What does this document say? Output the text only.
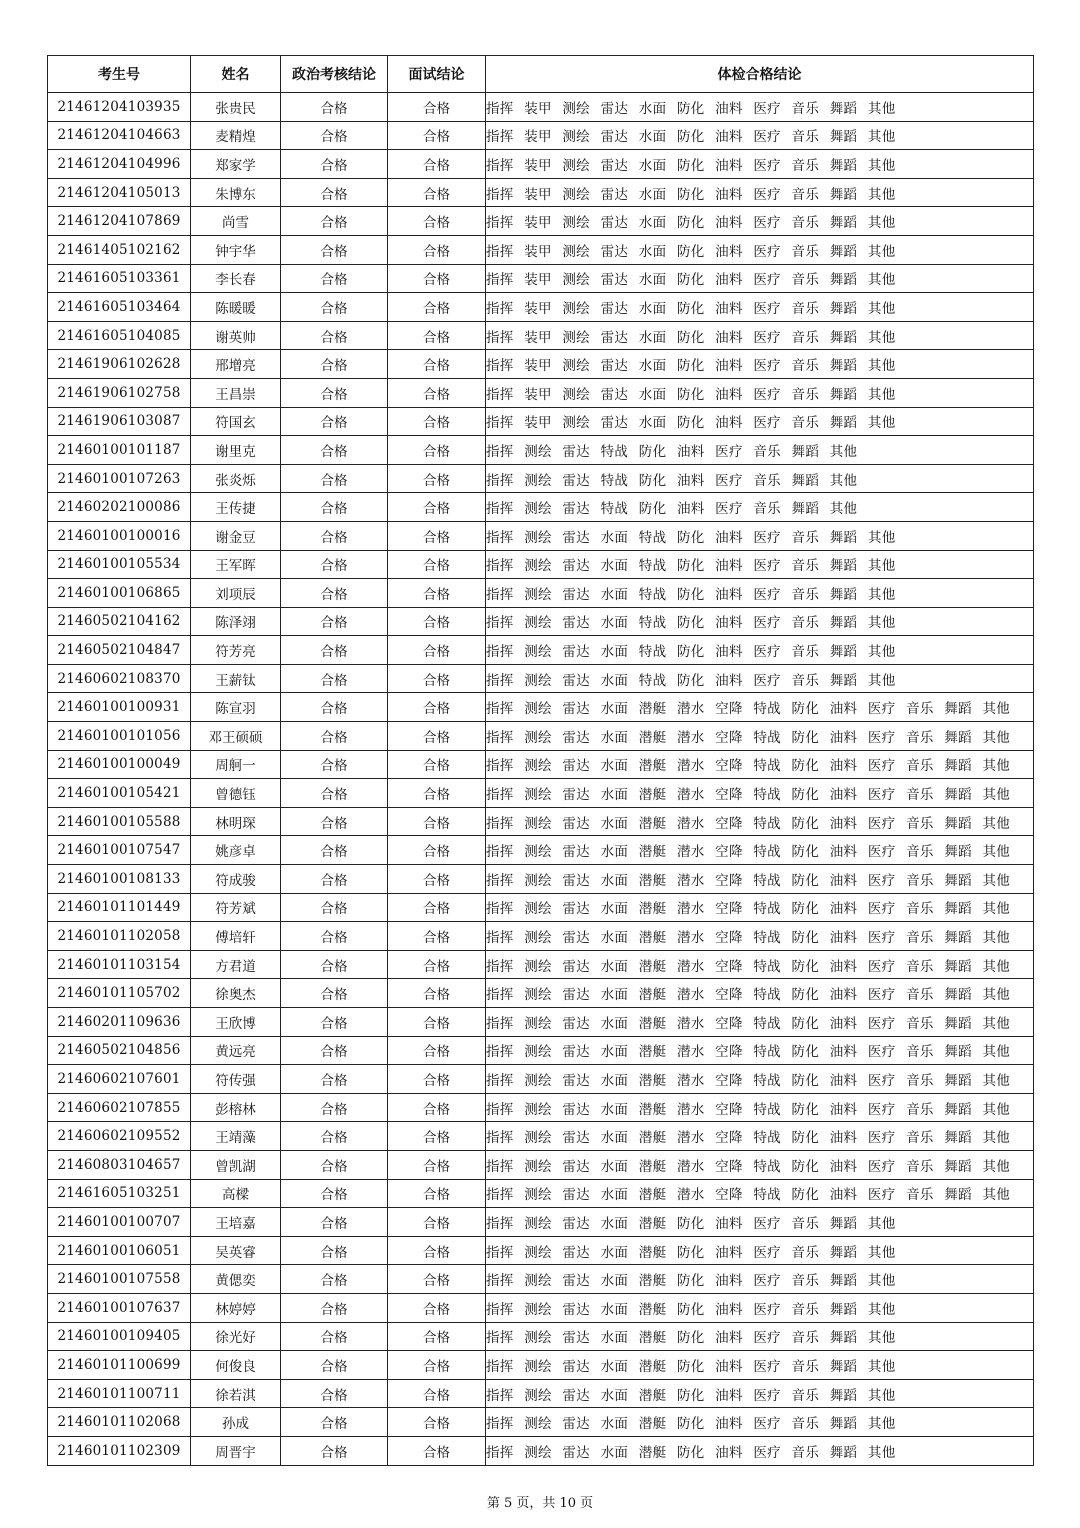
考生号	姓名	政治考核结论	面试结论	体检合格结论
21461204103935	张贵民	合格	合格	指挥 装甲 测绘 雷达 水面 防化 油料 医疗 音乐 舞蹈 其他
21461204104663	麦精煌	合格	合格	指挥 装甲 测绘 雷达 水面 防化 油料 医疗 音乐 舞蹈 其他
21461204104996	郑家学	合格	合格	指挥 装甲 测绘 雷达 水面 防化 油料 医疗 音乐 舞蹈 其他
21461204105013	朱博东	合格	合格	指挥 装甲 测绘 雷达 水面 防化 油料 医疗 音乐 舞蹈 其他
21461204107869	尚雪	合格	合格	指挥 装甲 测绘 雷达 水面 防化 油料 医疗 音乐 舞蹈 其他
21461405102162	钟宇华	合格	合格	指挥 装甲 测绘 雷达 水面 防化 油料 医疗 音乐 舞蹈 其他
21461605103361	李长春	合格	合格	指挥 装甲 测绘 雷达 水面 防化 油料 医疗 音乐 舞蹈 其他
21461605103464	陈暖暖	合格	合格	指挥 装甲 测绘 雷达 水面 防化 油料 医疗 音乐 舞蹈 其他
21461605104085	谢英帅	合格	合格	指挥 装甲 测绘 雷达 水面 防化 油料 医疗 音乐 舞蹈 其他
21461906102628	邢增亮	合格	合格	指挥 装甲 测绘 雷达 水面 防化 油料 医疗 音乐 舞蹈 其他
21461906102758	王昌崇	合格	合格	指挥 装甲 测绘 雷达 水面 防化 油料 医疗 音乐 舞蹈 其他
21461906103087	符国玄	合格	合格	指挥 装甲 测绘 雷达 水面 防化 油料 医疗 音乐 舞蹈 其他
21460100101187	谢里克	合格	合格	指挥 测绘 雷达 特战 防化 油料 医疗 音乐 舞蹈 其他
21460100107263	张炎烁	合格	合格	指挥 测绘 雷达 特战 防化 油料 医疗 音乐 舞蹈 其他
21460202100086	王传捷	合格	合格	指挥 测绘 雷达 特战 防化 油料 医疗 音乐 舞蹈 其他
21460100100016	谢金豆	合格	合格	指挥 测绘 雷达 水面 特战 防化 油料 医疗 音乐 舞蹈 其他
21460100105534	王军晖	合格	合格	指挥 测绘 雷达 水面 特战 防化 油料 医疗 音乐 舞蹈 其他
21460100106865	刘项辰	合格	合格	指挥 测绘 雷达 水面 特战 防化 油料 医疗 音乐 舞蹈 其他
21460502104162	陈泽翊	合格	合格	指挥 测绘 雷达 水面 特战 防化 油料 医疗 音乐 舞蹈 其他
21460502104847	符芳亮	合格	合格	指挥 测绘 雷达 水面 特战 防化 油料 医疗 音乐 舞蹈 其他
21460602108370	王薪钛	合格	合格	指挥 测绘 雷达 水面 特战 防化 油料 医疗 音乐 舞蹈 其他
21460100100931	陈宣羽	合格	合格	指挥 测绘 雷达 水面 潜艇 潜水 空降 特战 防化 油料 医疗 音乐 舞蹈 其他
21460100101056	邓王硕硕	合格	合格	指挥 测绘 雷达 水面 潜艇 潜水 空降 特战 防化 油料 医疗 音乐 舞蹈 其他
21460100100049	周舸一	合格	合格	指挥 测绘 雷达 水面 潜艇 潜水 空降 特战 防化 油料 医疗 音乐 舞蹈 其他
21460100105421	曾德钰	合格	合格	指挥 测绘 雷达 水面 潜艇 潜水 空降 特战 防化 油料 医疗 音乐 舞蹈 其他
21460100105588	林明琛	合格	合格	指挥 测绘 雷达 水面 潜艇 潜水 空降 特战 防化 油料 医疗 音乐 舞蹈 其他
21460100107547	姚彦卓	合格	合格	指挥 测绘 雷达 水面 潜艇 潜水 空降 特战 防化 油料 医疗 音乐 舞蹈 其他
21460100108133	符成骏	合格	合格	指挥 测绘 雷达 水面 潜艇 潜水 空降 特战 防化 油料 医疗 音乐 舞蹈 其他
21460101101449	符芳斌	合格	合格	指挥 测绘 雷达 水面 潜艇 潜水 空降 特战 防化 油料 医疗 音乐 舞蹈 其他
21460101102058	傅培轩	合格	合格	指挥 测绘 雷达 水面 潜艇 潜水 空降 特战 防化 油料 医疗 音乐 舞蹈 其他
21460101103154	方君道	合格	合格	指挥 测绘 雷达 水面 潜艇 潜水 空降 特战 防化 油料 医疗 音乐 舞蹈 其他
21460101105702	徐奥杰	合格	合格	指挥 测绘 雷达 水面 潜艇 潜水 空降 特战 防化 油料 医疗 音乐 舞蹈 其他
21460201109636	王欣博	合格	合格	指挥 测绘 雷达 水面 潜艇 潜水 空降 特战 防化 油料 医疗 音乐 舞蹈 其他
21460502104856	黄远亮	合格	合格	指挥 测绘 雷达 水面 潜艇 潜水 空降 特战 防化 油料 医疗 音乐 舞蹈 其他
21460602107601	符传强	合格	合格	指挥 测绘 雷达 水面 潜艇 潜水 空降 特战 防化 油料 医疗 音乐 舞蹈 其他
21460602107855	彭榕林	合格	合格	指挥 测绘 雷达 水面 潜艇 潜水 空降 特战 防化 油料 医疗 音乐 舞蹈 其他
21460602109552	王靖藻	合格	合格	指挥 测绘 雷达 水面 潜艇 潜水 空降 特战 防化 油料 医疗 音乐 舞蹈 其他
21460803104657	曾凯湖	合格	合格	指挥 测绘 雷达 水面 潜艇 潜水 空降 特战 防化 油料 医疗 音乐 舞蹈 其他
21461605103251	高樑	合格	合格	指挥 测绘 雷达 水面 潜艇 潜水 空降 特战 防化 油料 医疗 音乐 舞蹈 其他
21460100100707	王培嘉	合格	合格	指挥 测绘 雷达 水面 潜艇 防化 油料 医疗 音乐 舞蹈 其他
21460100106051	吴英睿	合格	合格	指挥 测绘 雷达 水面 潜艇 防化 油料 医疗 音乐 舞蹈 其他
21460100107558	黄偲奕	合格	合格	指挥 测绘 雷达 水面 潜艇 防化 油料 医疗 音乐 舞蹈 其他
21460100107637	林婷婷	合格	合格	指挥 测绘 雷达 水面 潜艇 防化 油料 医疗 音乐 舞蹈 其他
21460100109405	徐光好	合格	合格	指挥 测绘 雷达 水面 潜艇 防化 油料 医疗 音乐 舞蹈 其他
21460101100699	何俊良	合格	合格	指挥 测绘 雷达 水面 潜艇 防化 油料 医疗 音乐 舞蹈 其他
21460101100711	徐若淇	合格	合格	指挥 测绘 雷达 水面 潜艇 防化 油料 医疗 音乐 舞蹈 其他
21460101102068	孙成	合格	合格	指挥 测绘 雷达 水面 潜艇 防化 油料 医疗 音乐 舞蹈 其他
21460101102309	周晋宇	合格	合格	指挥 测绘 雷达 水面 潜艇 防化 油料 医疗 音乐 舞蹈 其他
第 5 页，共 10 页
